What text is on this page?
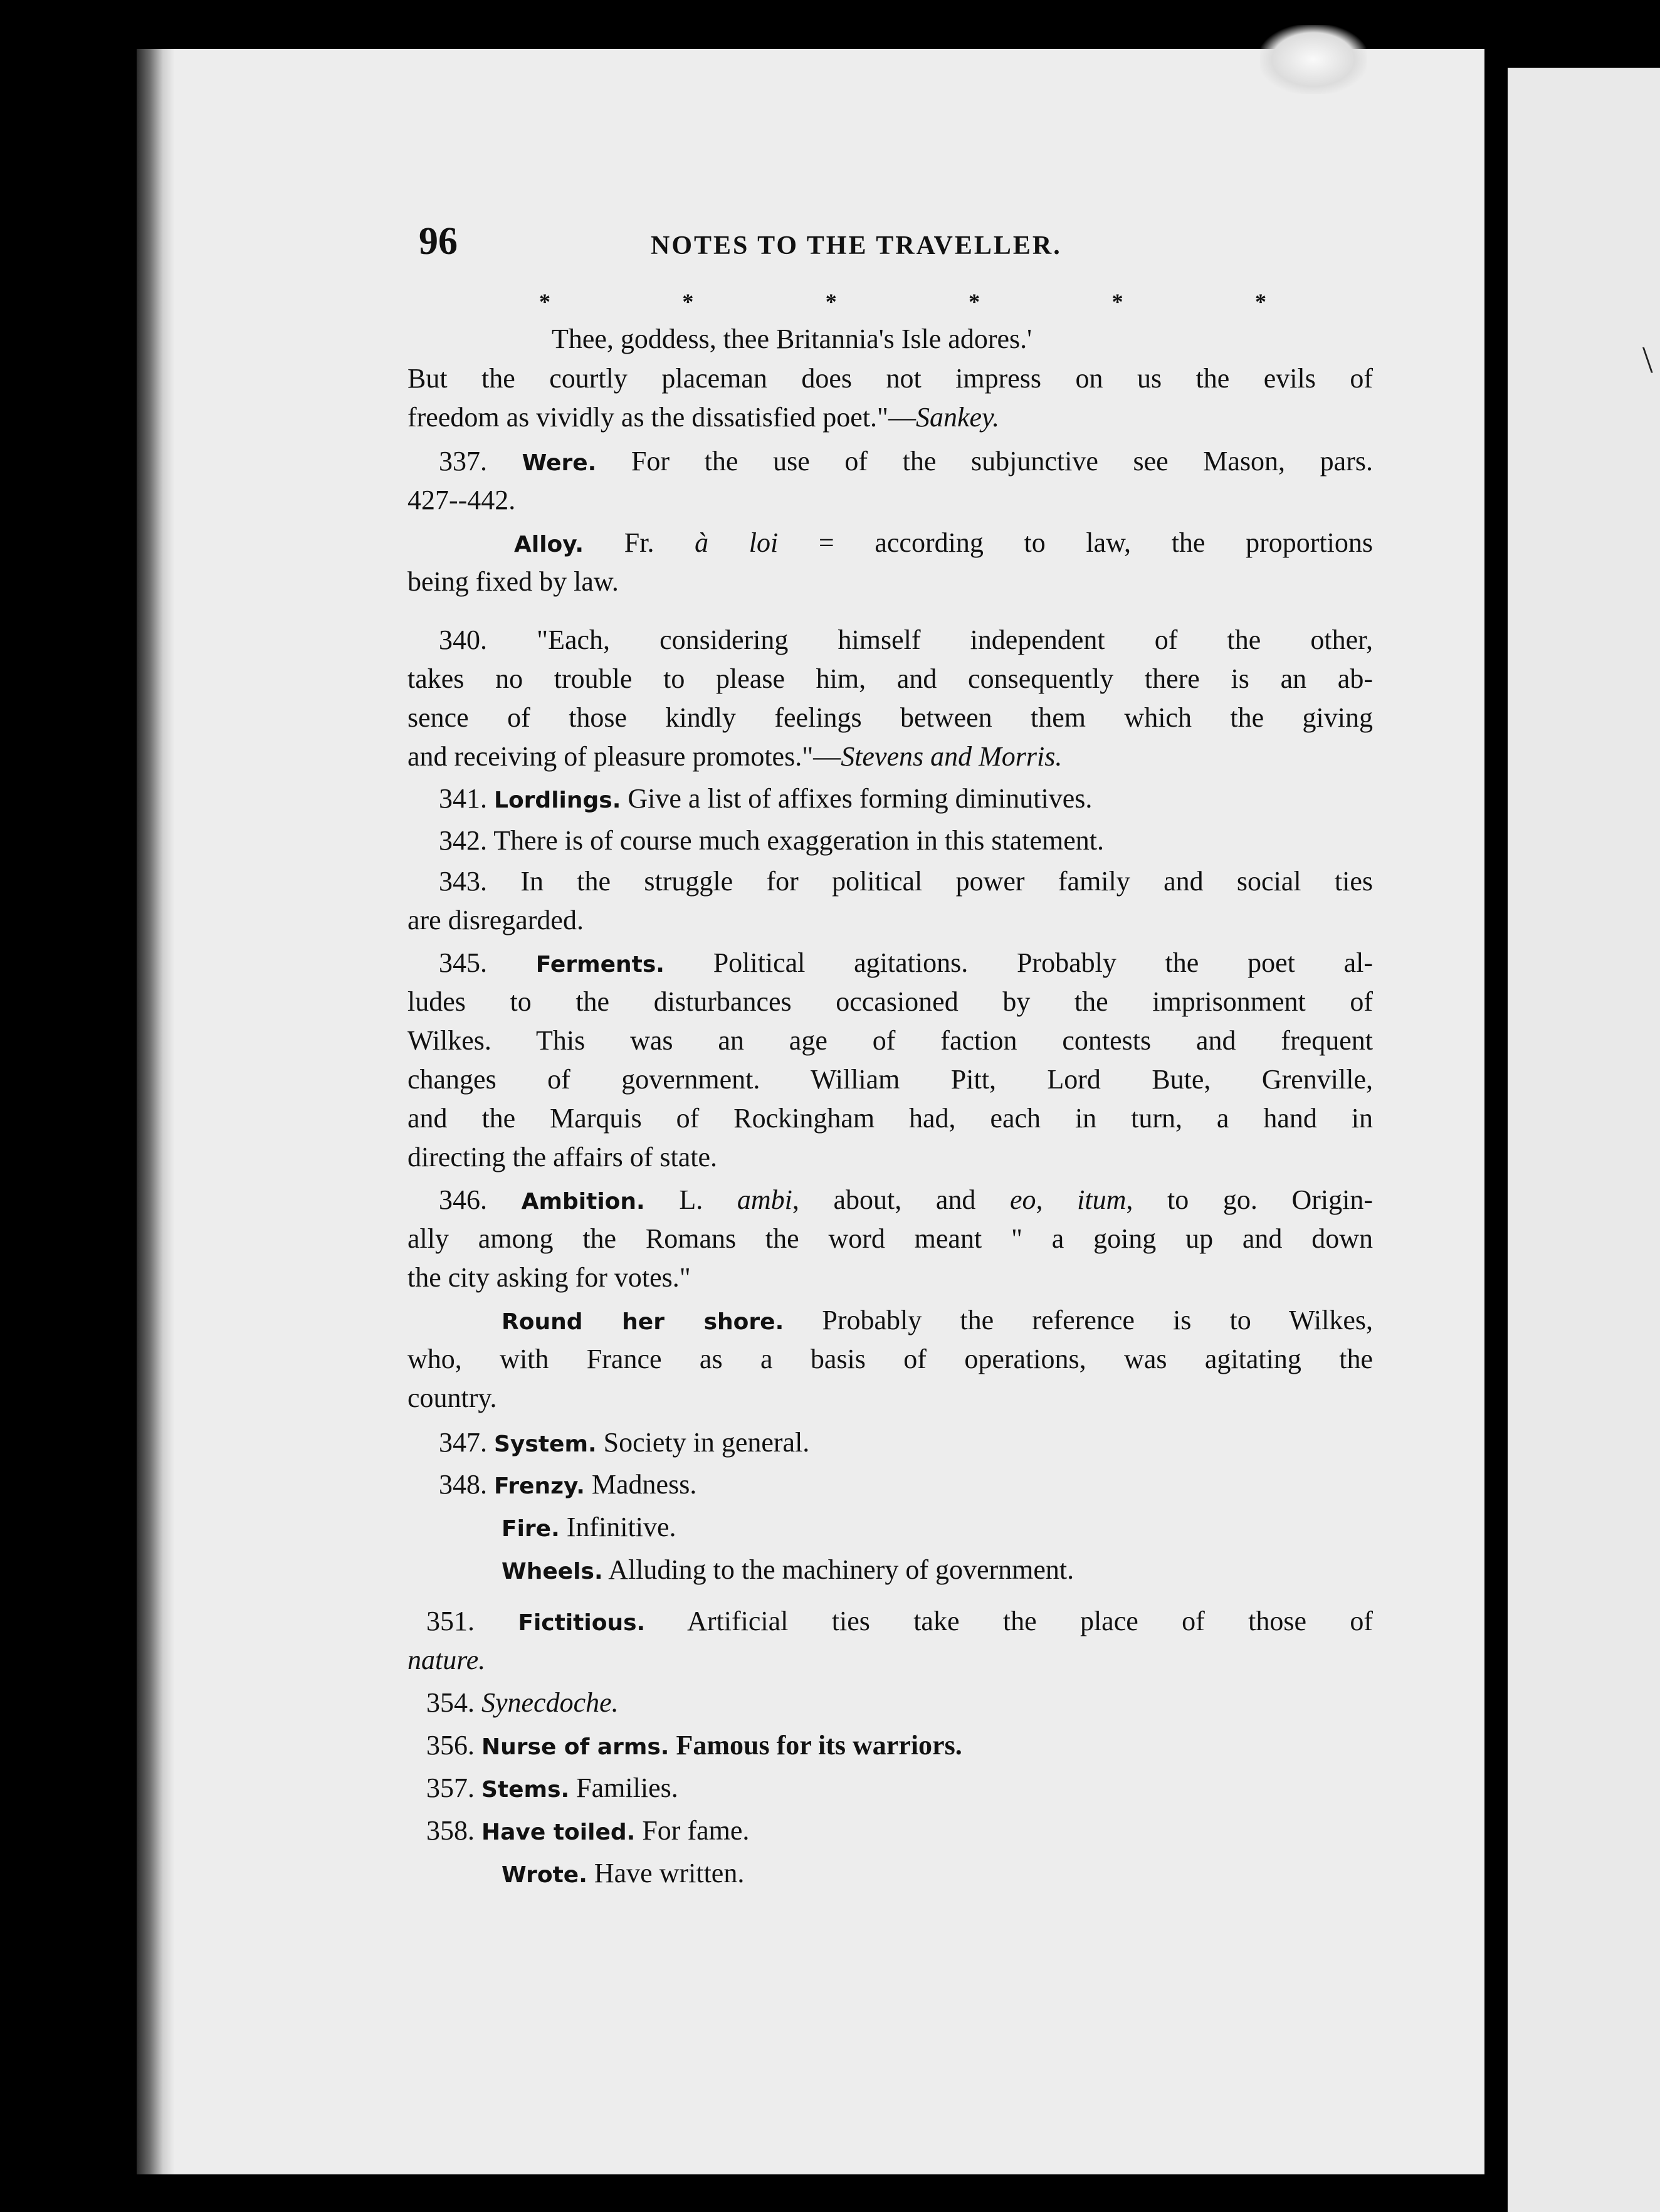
\
96	NOTES TO THE TRAVELLER.
*	*	*	*	*	*
Thee, goddess, thee Britannia's Isle adores.'
But the courtly placeman does not impress on us the evils of
freedom as vividly as the dissatisfied poet."—Sankey.
337. Were. For the use of the subjunctive see Mason, pars.
427--442.
Alloy. Fr. à loi = according to law, the proportions
being fixed by law.
340. "Each, considering himself independent of the other,
takes no trouble to please him, and consequently there is an ab-
sence of those kindly feelings between them which the giving
and receiving of pleasure promotes."—Stevens and Morris.
341. Lordlings. Give a list of affixes forming diminutives.
342. There is of course much exaggeration in this statement.
343. In the struggle for political power family and social ties
are disregarded.
345. Ferments. Political agitations. Probably the poet al-
ludes to the disturbances occasioned by the imprisonment of
Wilkes. This was an age of faction contests and frequent
changes of government. William Pitt, Lord Bute, Grenville,
and the Marquis of Rockingham had, each in turn, a hand in
directing the affairs of state.
346. Ambition. L. ambi, about, and eo, itum, to go. Origin-
ally among the Romans the word meant " a going up and down
the city asking for votes."
Round her shore. Probably the reference is to Wilkes,
who, with France as a basis of operations, was agitating the
country.
347. System. Society in general.
348. Frenzy. Madness.
Fire. Infinitive.
Wheels. Alluding to the machinery of government.
351. Fictitious. Artificial ties take the place of those of
nature.
354. Synecdoche.
356. Nurse of arms. Famous for its warriors.
357. Stems. Families.
358. Have toiled. For fame.
Wrote. Have written.
